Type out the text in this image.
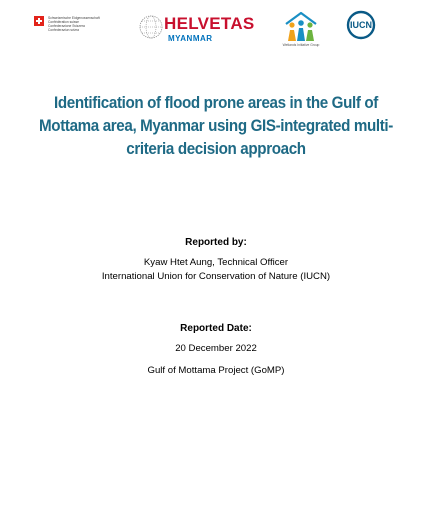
Schweizerische Eidgenossenschaft
Confédération suisse
Confederazione Svizzera
Confederaziun svizra	HELVETAS
MYANMAR
Wetlands Initiative Group
IUCN
Identification of flood prone areas in the Gulf of Mottama area, Myanmar using GIS-integrated multi-criteria decision approach
Reported by:
Kyaw Htet Aung, Technical Officer
International Union for Conservation of Nature (IUCN)
Reported Date:
20 December 2022
Gulf of Mottama Project (GoMP)
